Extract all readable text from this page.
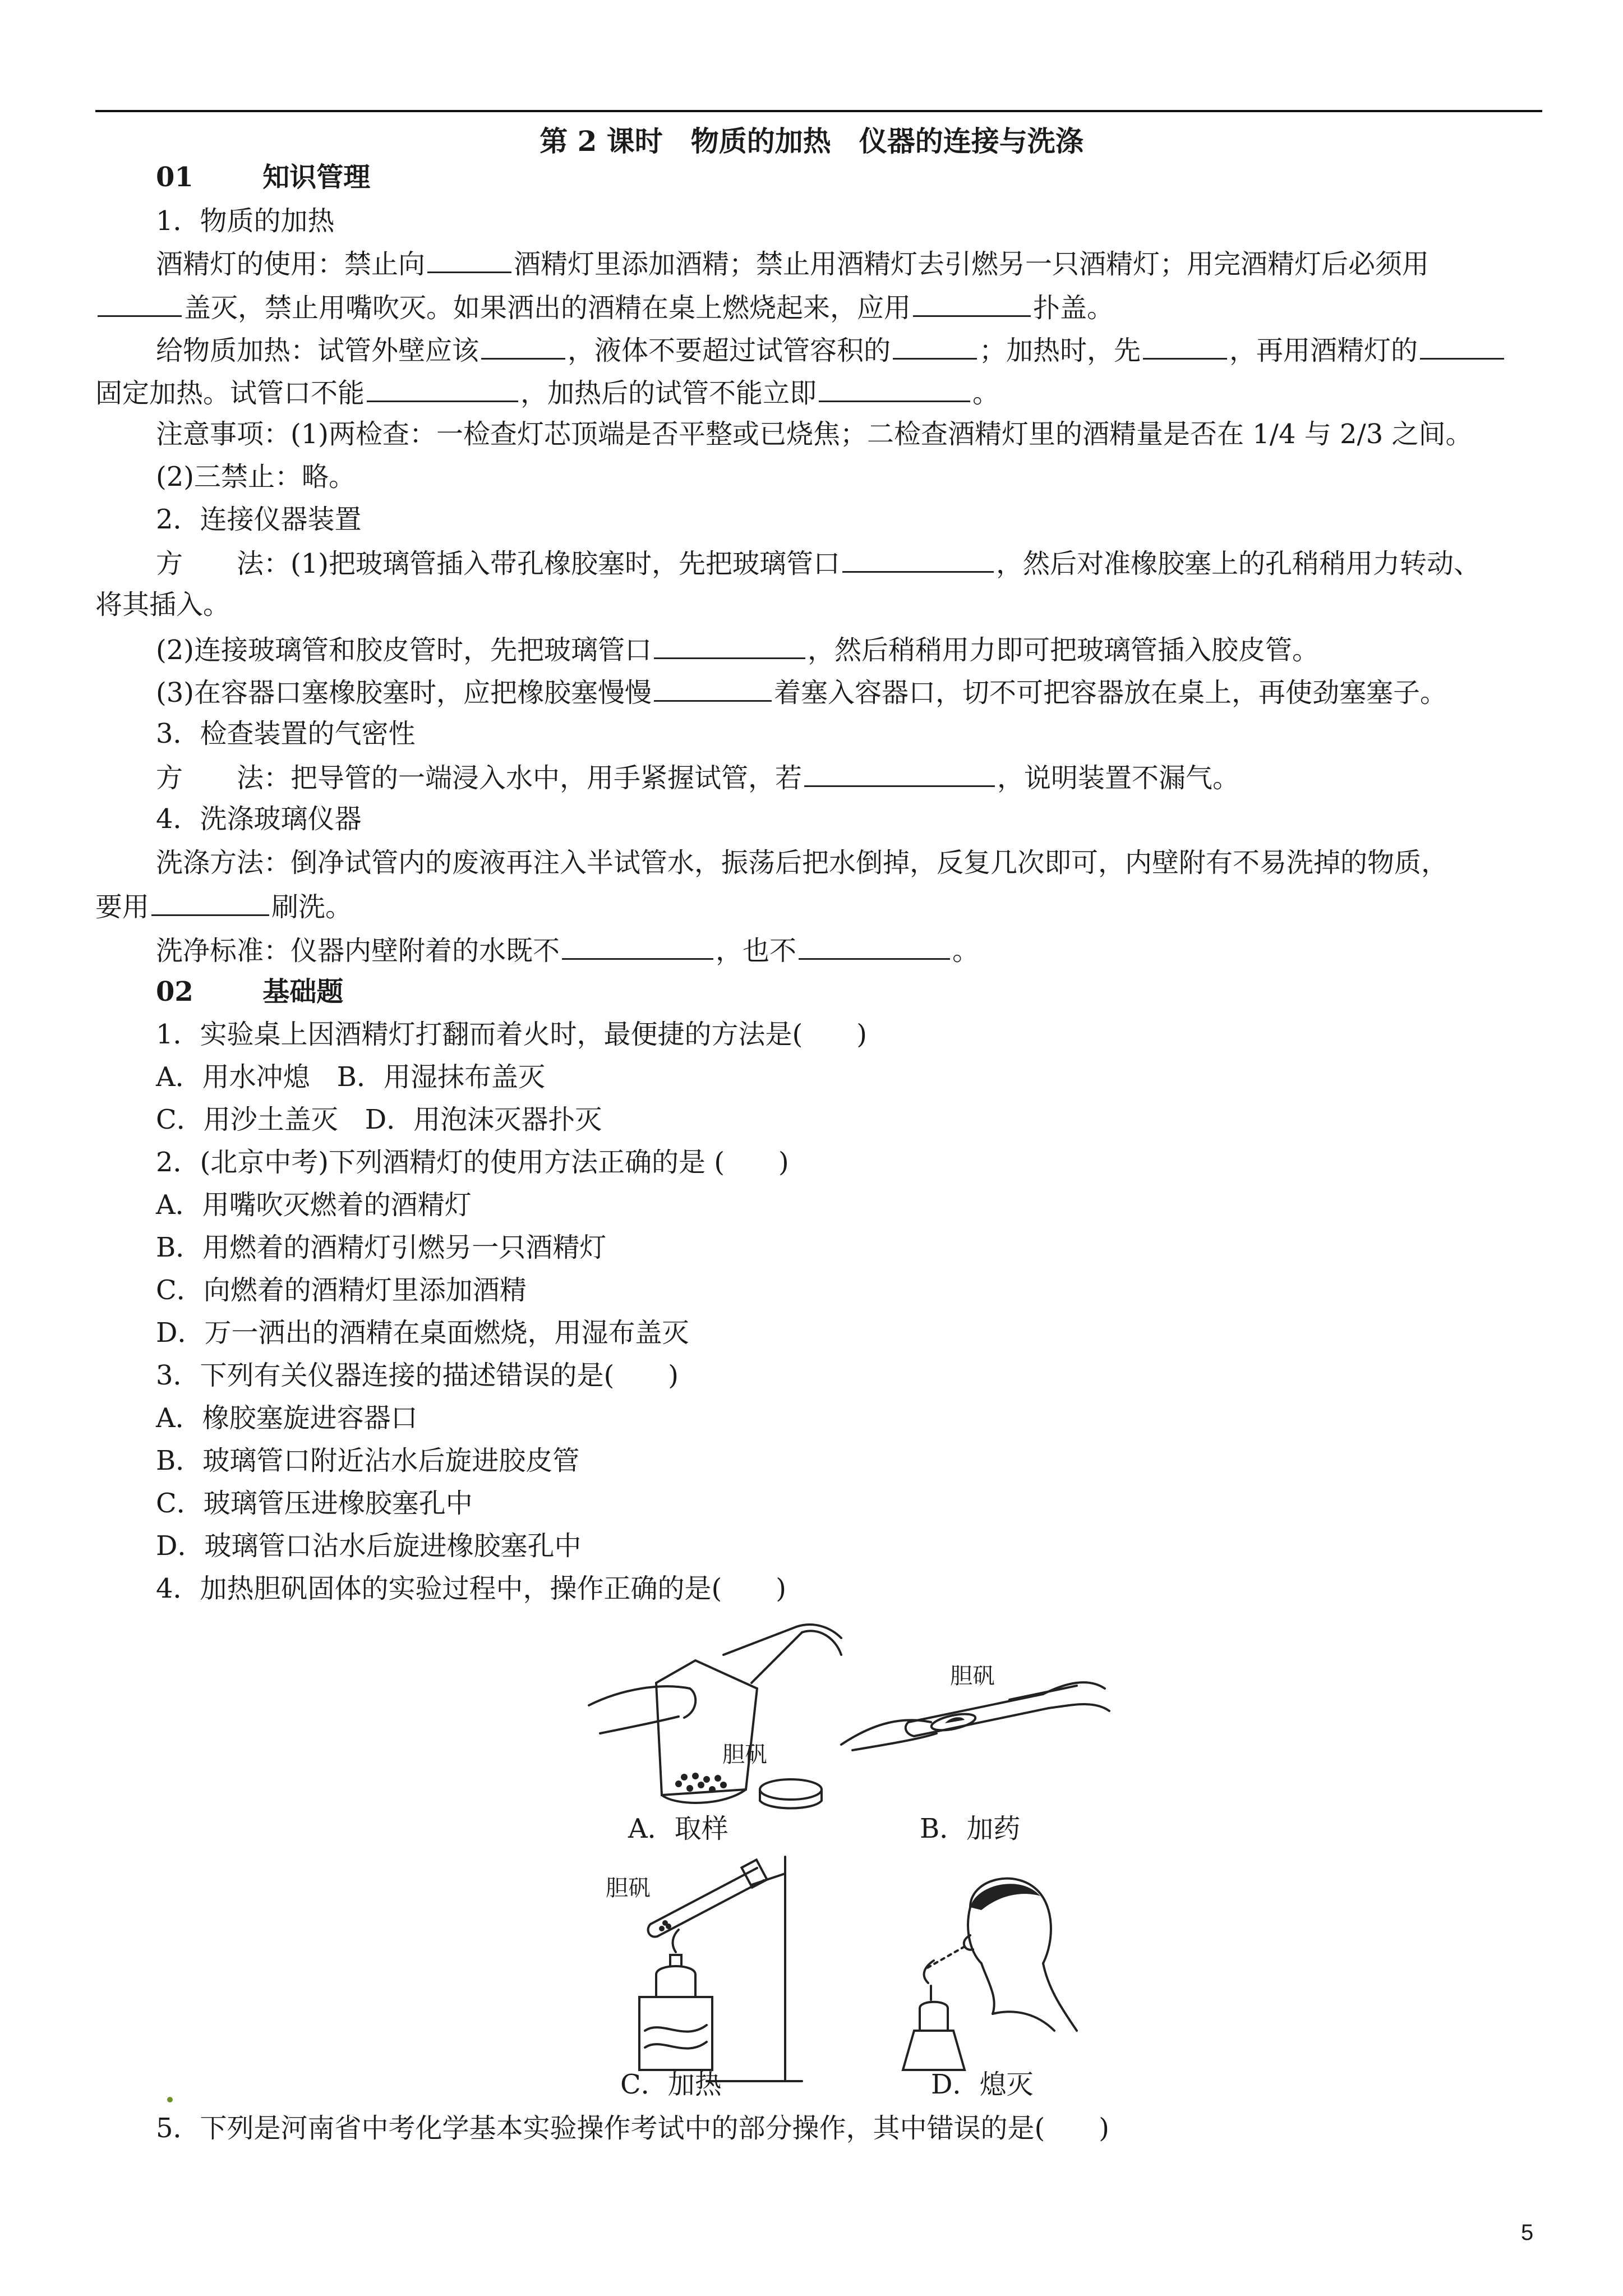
第 2 课时　物质的加热　仪器的连接与洗涤
01	知识管理
1．物质的加热
酒精灯的使用：禁止向	酒精灯里添加酒精；禁止用酒精灯去引燃另一只酒精灯；用完酒精灯后必须用
盖灭，禁止用嘴吹灭。如果洒出的酒精在桌上燃烧起来，应用	扑盖。
给物质加热：试管外壁应该	，液体不要超过试管容积的	；加热时，先	，再用酒精灯的
固定加热。试管口不能	，加热后的试管不能立即	。
注意事项：(1)两检查：一检查灯芯顶端是否平整或已烧焦；二检查酒精灯里的酒精量是否在 1/4 与 2/3 之间。
(2)三禁止：略。
2．连接仪器装置
方　　法：(1)把玻璃管插入带孔橡胶塞时，先把玻璃管口	，然后对准橡胶塞上的孔稍稍用力转动、
将其插入。
(2)连接玻璃管和胶皮管时，先把玻璃管口	，然后稍稍用力即可把玻璃管插入胶皮管。
(3)在容器口塞橡胶塞时，应把橡胶塞慢慢	着塞入容器口，切不可把容器放在桌上，再使劲塞塞子。
3．检查装置的气密性
方　　法：把导管的一端浸入水中，用手紧握试管，若	，说明装置不漏气。
4．洗涤玻璃仪器
洗涤方法：倒净试管内的废液再注入半试管水，振荡后把水倒掉，反复几次即可，内壁附有不易洗掉的物质，
要用	刷洗。
洗净标准：仪器内壁附着的水既不	，也不	。
02	基础题
1．实验桌上因酒精灯打翻而着火时，最便捷的方法是(　　)
A．用水冲熄　B．用湿抹布盖灭
C．用沙土盖灭　D．用泡沫灭器扑灭
2．(北京中考)下列酒精灯的使用方法正确的是 (　　)
A．用嘴吹灭燃着的酒精灯
B．用燃着的酒精灯引燃另一只酒精灯
C．向燃着的酒精灯里添加酒精
D．万一洒出的酒精在桌面燃烧，用湿布盖灭
3．下列有关仪器连接的描述错误的是(　　)
A．橡胶塞旋进容器口
B．玻璃管口附近沾水后旋进胶皮管
C．玻璃管压进橡胶塞孔中
D．玻璃管口沾水后旋进橡胶塞孔中
4．加热胆矾固体的实验过程中，操作正确的是(　　)
胆矾
胆矾
A．取样	B．加药
胆矾
C．加热	D．熄灭
5．下列是河南省中考化学基本实验操作考试中的部分操作，其中错误的是(　　)
5
